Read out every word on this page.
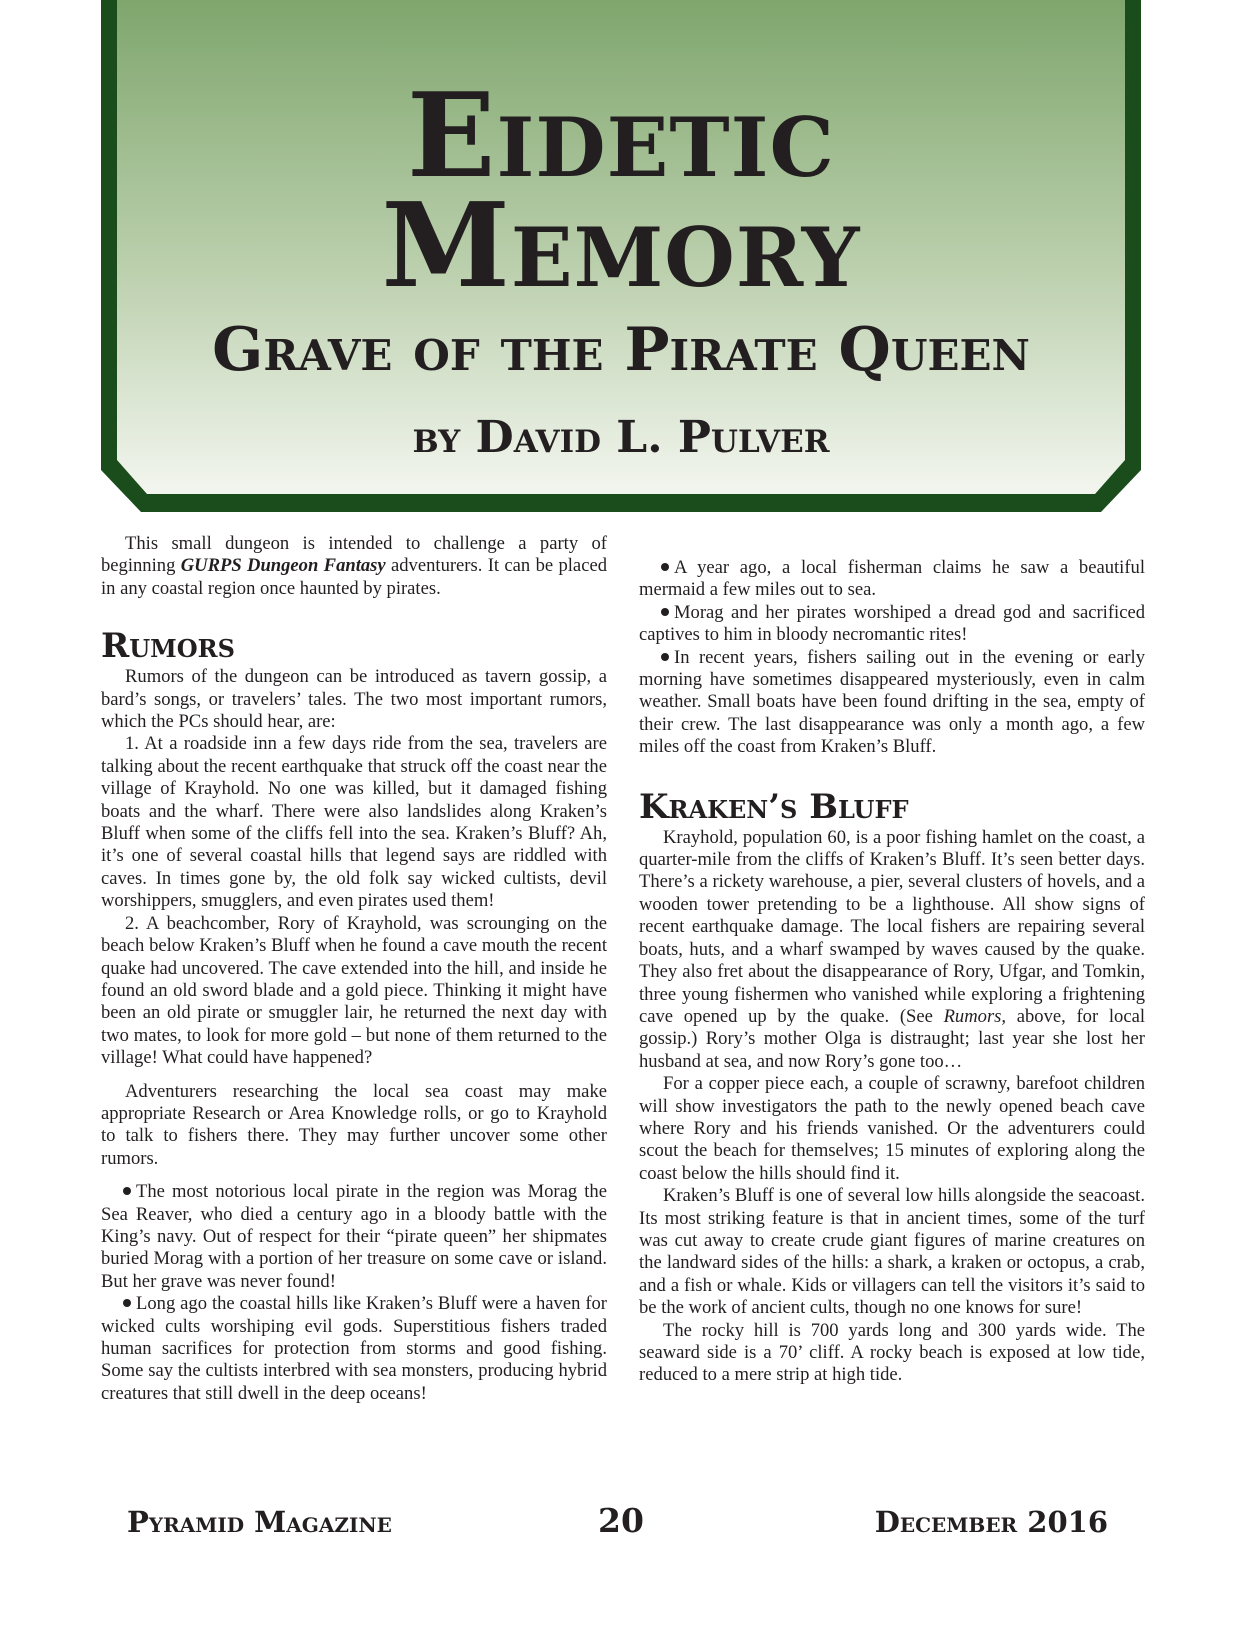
Eidetic
Memory
Grave of the Pirate Queen
by David L. Pulver

This small dungeon is intended to challenge a party of beginning GURPS Dungeon Fantasy adventurers. It can be placed in any coastal region once haunted by pirates.

Rumors

Rumors of the dungeon can be introduced as tavern gossip, a bard’s songs, or travelers’ tales. The two most important rumors, which the PCs should hear, are:

1. At a roadside inn a few days ride from the sea, travelers are talking about the recent earthquake that struck off the coast near the village of Krayhold. No one was killed, but it damaged fishing boats and the wharf. There were also landslides along Kraken’s Bluff when some of the cliffs fell into the sea. Kraken’s Bluff? Ah, it’s one of several coastal hills that legend says are riddled with caves. In times gone by, the old folk say wicked cultists, devil worshippers, smugglers, and even pirates used them!

2. A beachcomber, Rory of Krayhold, was scrounging on the beach below Kraken’s Bluff when he found a cave mouth the recent quake had uncovered. The cave extended into the hill, and inside he found an old sword blade and a gold piece. Thinking it might have been an old pirate or smuggler lair, he returned the next day with two mates, to look for more gold – but none of them returned to the village! What could have happened?

Adventurers researching the local sea coast may make appropriate Research or Area Knowledge rolls, or go to Krayhold to talk to fishers there. They may further uncover some other rumors.

The most notorious local pirate in the region was Morag the Sea Reaver, who died a century ago in a bloody battle with the King’s navy. Out of respect for their “pirate queen” her shipmates buried Morag with a portion of her treasure on some cave or island. But her grave was never found!

Long ago the coastal hills like Kraken’s Bluff were a haven for wicked cults worshiping evil gods. Superstitious fishers traded human sacrifices for protection from storms and good fishing. Some say the cultists interbred with sea monsters, producing hybrid creatures that still dwell in the deep oceans!

A year ago, a local fisherman claims he saw a beautiful mermaid a few miles out to sea.

Morag and her pirates worshiped a dread god and sacrificed captives to him in bloody necromantic rites!

In recent years, fishers sailing out in the evening or early morning have sometimes disappeared mysteriously, even in calm weather. Small boats have been found drifting in the sea, empty of their crew. The last disappearance was only a month ago, a few miles off the coast from Kraken’s Bluff.

Kraken’s Bluff

Krayhold, population 60, is a poor fishing hamlet on the coast, a quarter-mile from the cliffs of Kraken’s Bluff. It’s seen better days. There’s a rickety warehouse, a pier, several clusters of hovels, and a wooden tower pretending to be a lighthouse. All show signs of recent earthquake damage. The local fishers are repairing several boats, huts, and a wharf swamped by waves caused by the quake. They also fret about the disappearance of Rory, Ufgar, and Tomkin, three young fishermen who vanished while exploring a frightening cave opened up by the quake. (See Rumors, above, for local gossip.) Rory’s mother Olga is distraught; last year she lost her husband at sea, and now Rory’s gone too…

For a copper piece each, a couple of scrawny, barefoot children will show investigators the path to the newly opened beach cave where Rory and his friends vanished. Or the adventurers could scout the beach for themselves; 15 minutes of exploring along the coast below the hills should find it.

Kraken’s Bluff is one of several low hills alongside the seacoast. Its most striking feature is that in ancient times, some of the turf was cut away to create crude giant figures of marine creatures on the landward sides of the hills: a shark, a kraken or octopus, a crab, and a fish or whale. Kids or villagers can tell the visitors it’s said to be the work of ancient cults, though no one knows for sure!

The rocky hill is 700 yards long and 300 yards wide. The seaward side is a 70’ cliff. A rocky beach is exposed at low tide, reduced to a mere strip at high tide.

Pyramid Magazine	20	December 2016
